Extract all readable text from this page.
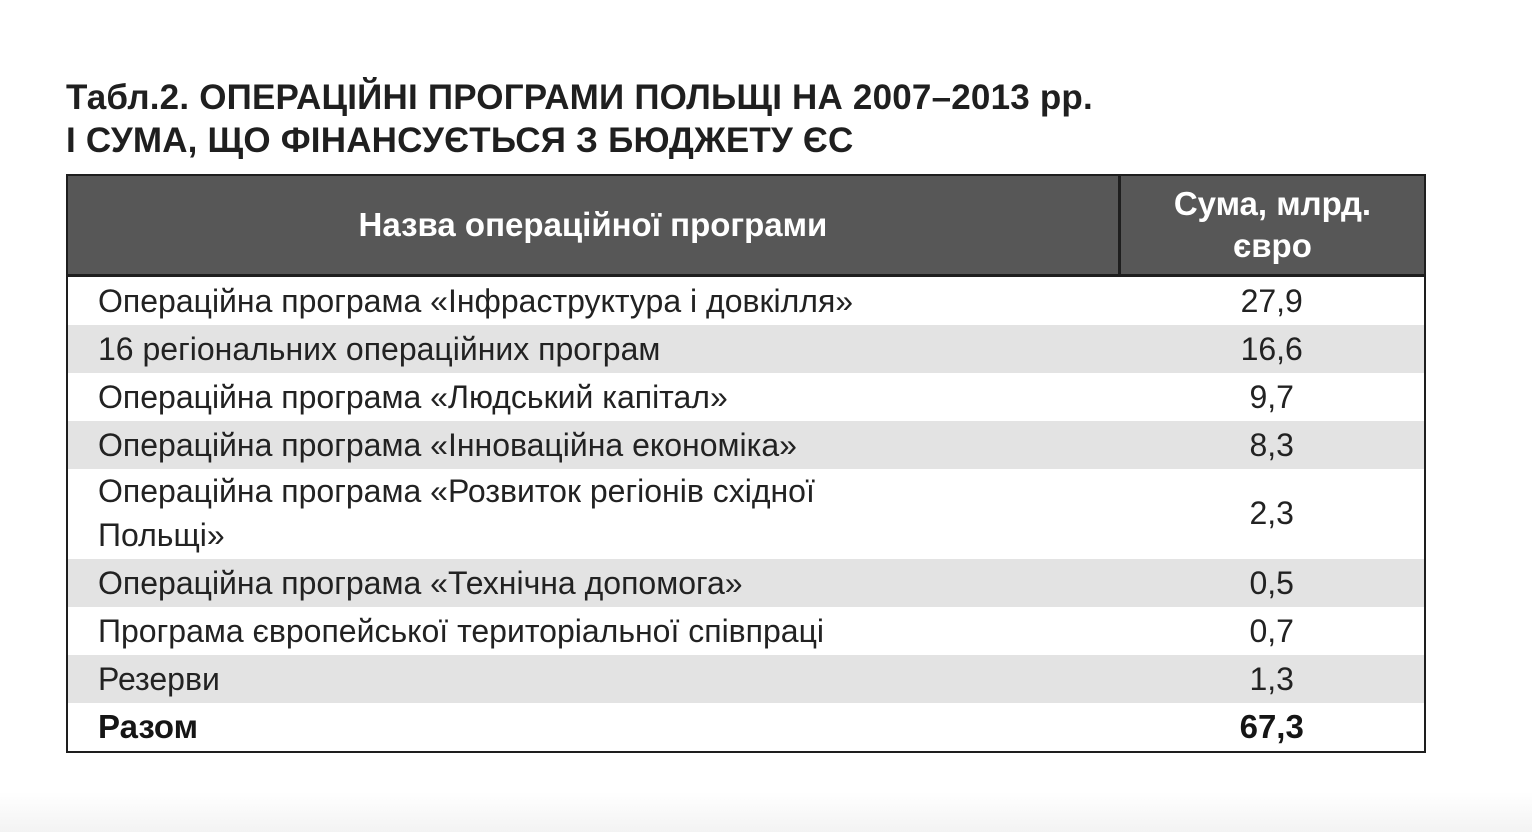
Табл.2. ОПЕРАЦІЙНІ ПРОГРАМИ ПОЛЬЩІ НА 2007–2013 рр.
І СУМА, ЩО ФІНАНСУЄТЬСЯ З БЮДЖЕТУ ЄС
Назва операційної програми	Сума, млрд.
євро
Операційна програма «Інфраструктура і довкілля»	27,9
16 регіональних операційних програм	16,6
Операційна програма «Людський капітал»	9,7
Операційна програма «Інноваційна економіка»	8,3
Операційна програма «Розвиток регіонів східної
Польщі»	2,3
Операційна програма «Технічна допомога»	0,5
Програма європейської територіальної співпраці	0,7
Резерви	1,3
Разом	67,3
